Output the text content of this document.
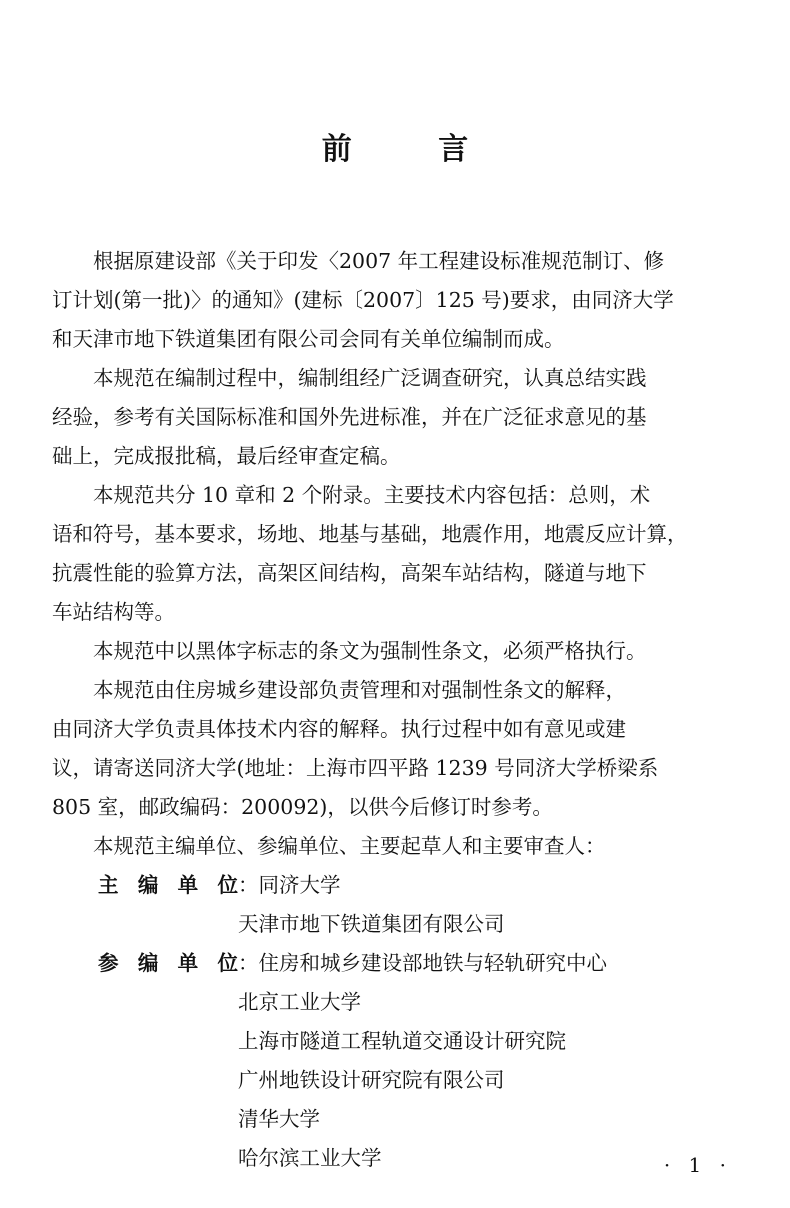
前 言
根据原建设部《关于印发〈2007 年工程建设标准规范制订、修
订计划(第一批)〉的通知》(建标〔2007〕125 号)要求，由同济大学
和天津市地下铁道集团有限公司会同有关单位编制而成。
本规范在编制过程中，编制组经广泛调查研究，认真总结实践
经验，参考有关国际标准和国外先进标准，并在广泛征求意见的基
础上，完成报批稿，最后经审查定稿。
本规范共分 10 章和 2 个附录。主要技术内容包括：总则，术
语和符号，基本要求，场地、地基与基础，地震作用，地震反应计算，
抗震性能的验算方法，高架区间结构，高架车站结构，隧道与地下
车站结构等。
本规范中以黑体字标志的条文为强制性条文，必须严格执行。
本规范由住房城乡建设部负责管理和对强制性条文的解释，
由同济大学负责具体技术内容的解释。执行过程中如有意见或建
议，请寄送同济大学(地址：上海市四平路 1239 号同济大学桥梁系
805 室，邮政编码：200092)，以供今后修订时参考。
本规范主编单位、参编单位、主要起草人和主要审查人：
主 编 单 位 ：同济大学
天津市地下铁道集团有限公司
参 编 单 位 ：住房和城乡建设部地铁与轻轨研究中心
北京工业大学
上海市隧道工程轨道交通设计研究院
广州地铁设计研究院有限公司
清华大学
哈尔滨工业大学	· 1 ·
